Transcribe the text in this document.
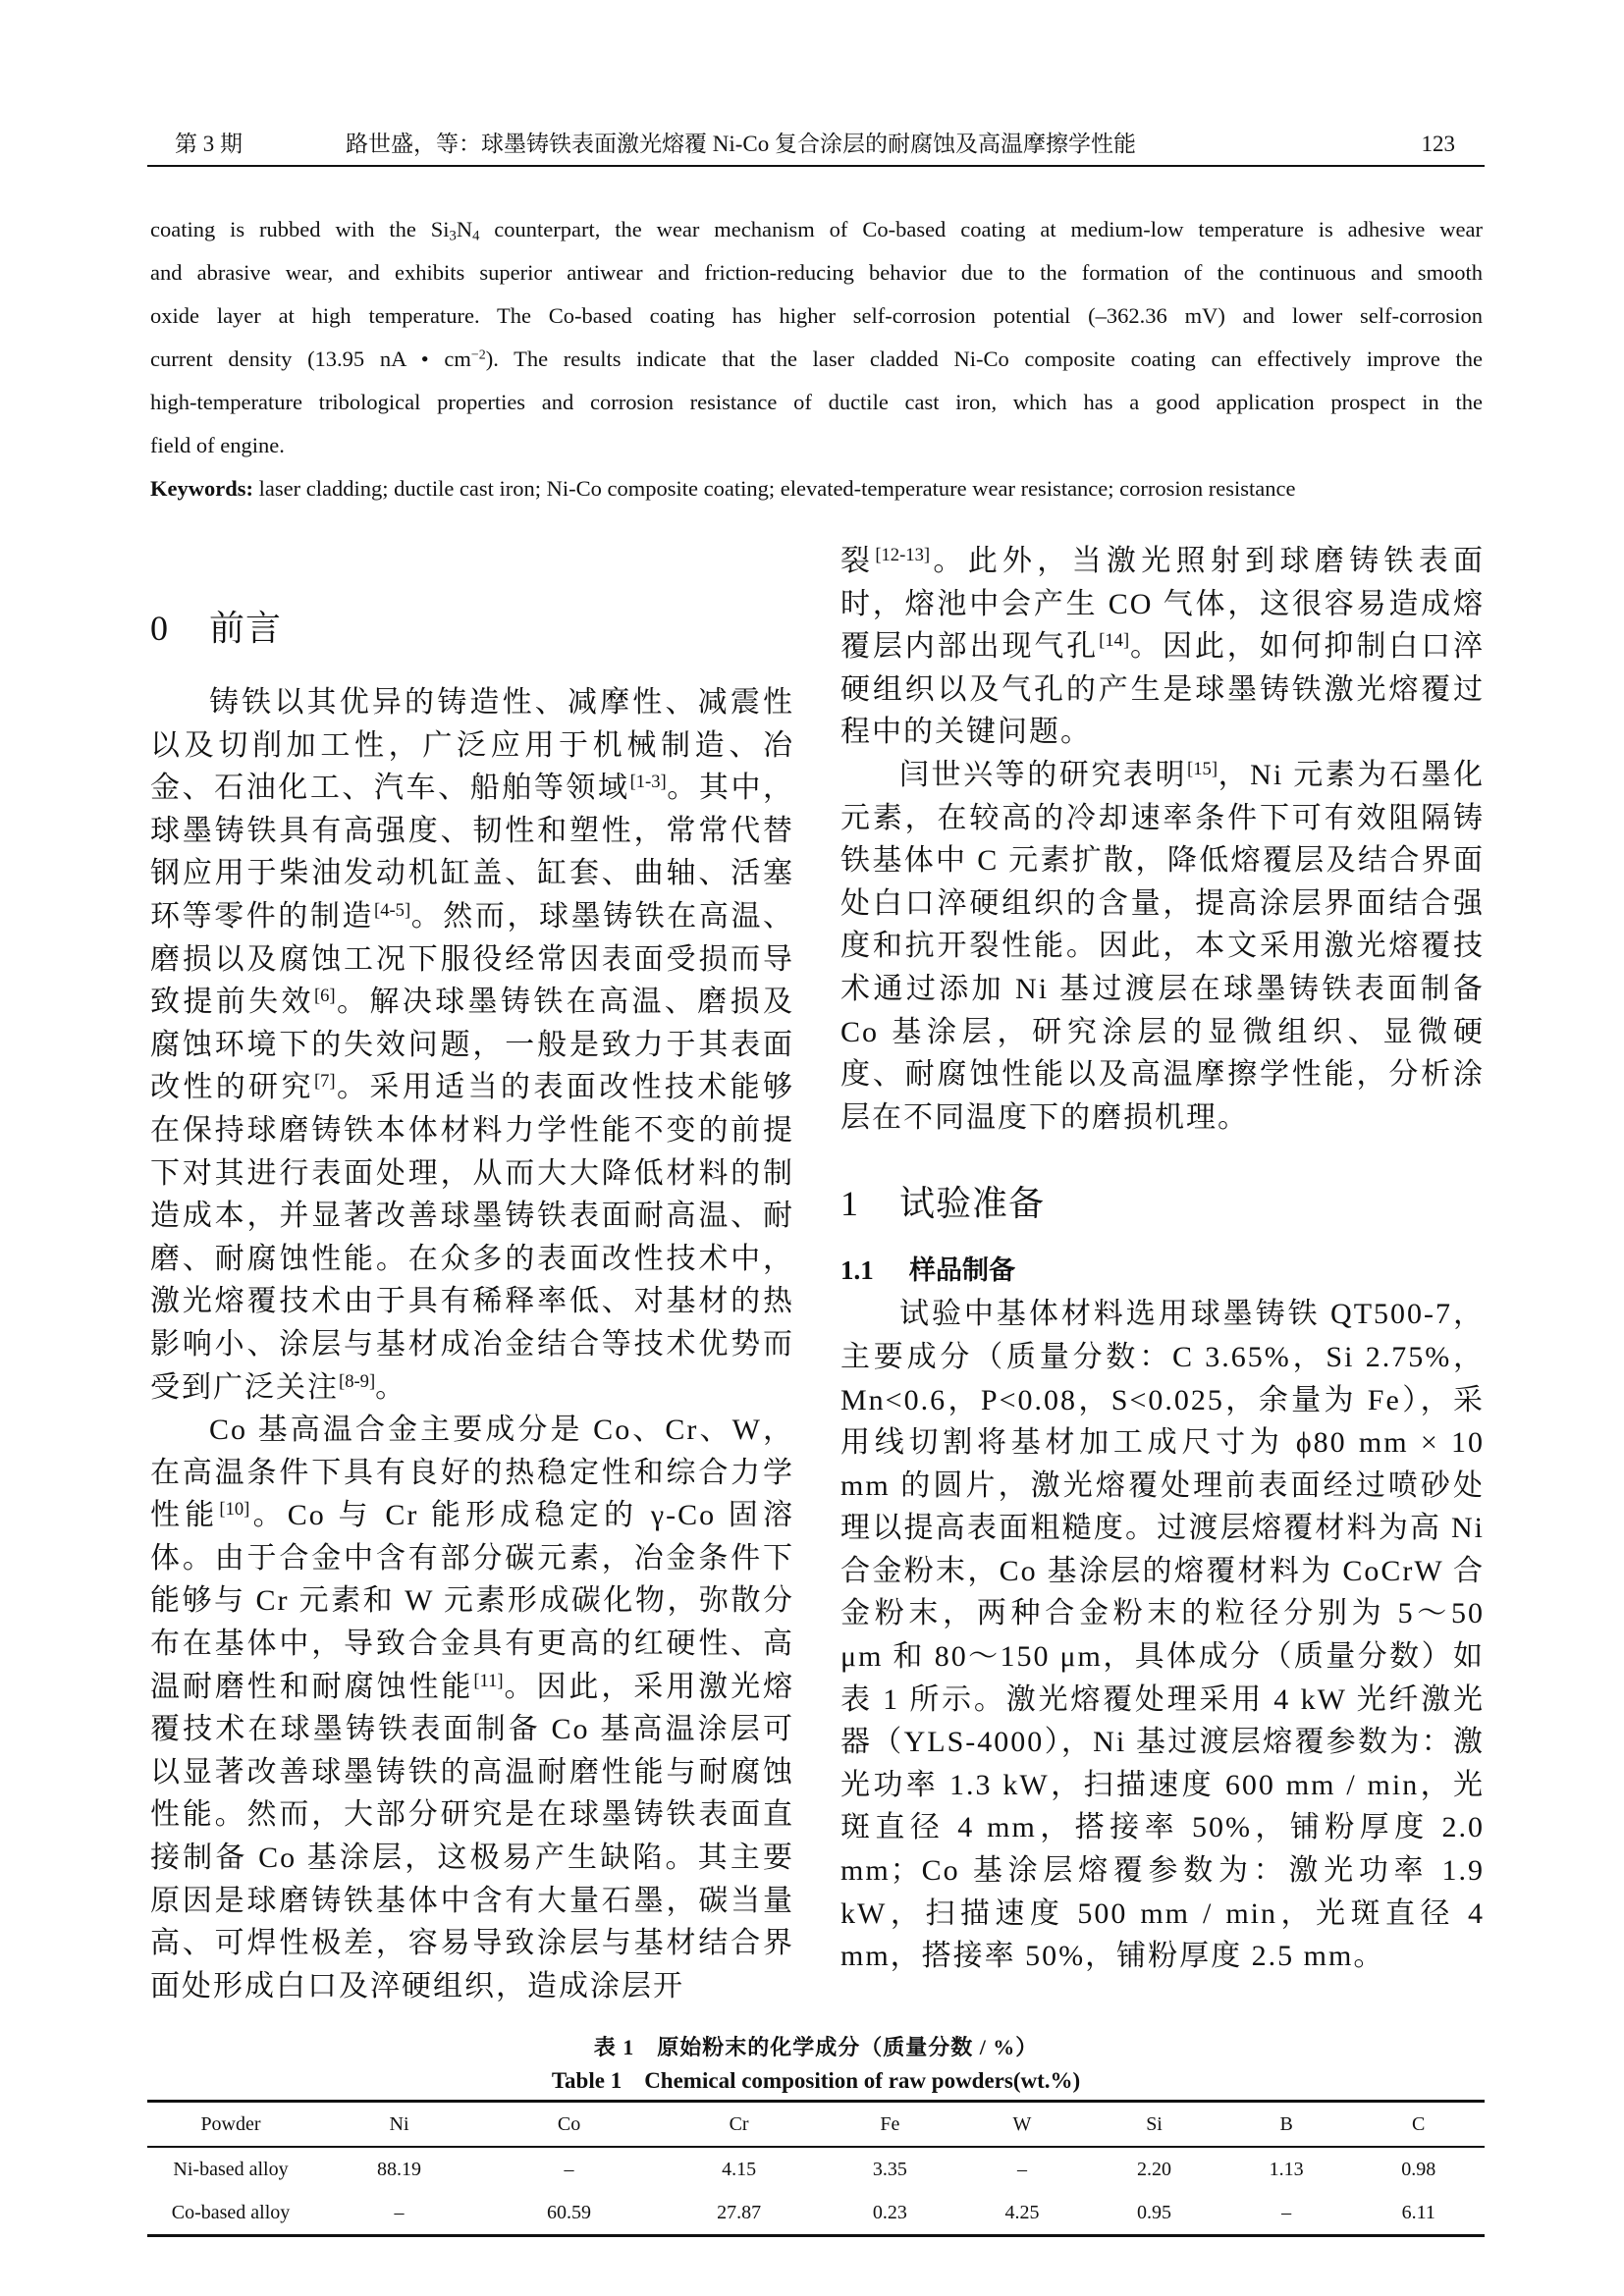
第 3 期	路世盛，等：球墨铸铁表面激光熔覆 Ni-Co 复合涂层的耐腐蚀及高温摩擦学性能	123
coating is rubbed with the $Si_3N_4$ counterpart, the wear mechanism of Co-based coating at medium-low temperature is adhesive wear
and abrasive wear, and exhibits superior antiwear and friction-reducing behavior due to the formation of the continuous and smooth
oxide layer at high temperature. The Co-based coating has higher self-corrosion potential (–362.36 mV) and lower self-corrosion
current density (13.95 nA • $cm^{-2}$). The results indicate that the laser cladded Ni-Co composite coating can effectively improve the
high-temperature tribological properties and corrosion resistance of ductile cast iron, which has a good application prospect in the
field of engine.
Keywords: laser cladding; ductile cast iron; Ni-Co composite coating; elevated-temperature wear resistance; corrosion resistance
0 前言

铸铁以其优异的铸造性、减摩性、减震性以及切削加工性，广泛应用于机械制造、冶金、石油化工、汽车、船舶等领域[1-3]。其中，球墨铸铁具有高强度、韧性和塑性，常常代替钢应用于柴油发动机缸盖、缸套、曲轴、活塞环等零件的制造[4-5]。然而，球墨铸铁在高温、磨损以及腐蚀工况下服役经常因表面受损而导致提前失效[6]。解决球墨铸铁在高温、磨损及腐蚀环境下的失效问题，一般是致力于其表面改性的研究[7]。采用适当的表面改性技术能够在保持球磨铸铁本体材料力学性能不变的前提下对其进行表面处理，从而大大降低材料的制造成本，并显著改善球墨铸铁表面耐高温、耐磨、耐腐蚀性能。在众多的表面改性技术中，激光熔覆技术由于具有稀释率低、对基材的热影响小、涂层与基材成冶金结合等技术优势而受到广泛关注[8-9]。

Co 基高温合金主要成分是 Co、Cr、W，在高温条件下具有良好的热稳定性和综合力学性能[10]。Co 与 Cr 能形成稳定的 γ-Co 固溶体。由于合金中含有部分碳元素，冶金条件下能够与 Cr 元素和 W 元素形成碳化物，弥散分布在基体中，导致合金具有更高的红硬性、高温耐磨性和耐腐蚀性能[11]。因此，采用激光熔覆技术在球墨铸铁表面制备 Co 基高温涂层可以显著改善球墨铸铁的高温耐磨性能与耐腐蚀性能。然而，大部分研究是在球墨铸铁表面直接制备 Co 基涂层，这极易产生缺陷。其主要原因是球磨铸铁基体中含有大量石墨，碳当量高、可焊性极差，容易导致涂层与基材结合界面处形成白口及淬硬组织，造成涂层开

裂[12-13]。此外，当激光照射到球磨铸铁表面时，熔池中会产生 CO 气体，这很容易造成熔覆层内部出现气孔[14]。因此，如何抑制白口淬硬组织以及气孔的产生是球墨铸铁激光熔覆过程中的关键问题。

闫世兴等的研究表明[15]，Ni 元素为石墨化元素，在较高的冷却速率条件下可有效阻隔铸铁基体中 C 元素扩散，降低熔覆层及结合界面处白口淬硬组织的含量，提高涂层界面结合强度和抗开裂性能。因此，本文采用激光熔覆技术通过添加 Ni 基过渡层在球墨铸铁表面制备 Co 基涂层，研究涂层的显微组织、显微硬度、耐腐蚀性能以及高温摩擦学性能，分析涂层在不同温度下的磨损机理。

1 试验准备
1.1 样品制备

试验中基体材料选用球墨铸铁 QT500-7，主要成分（质量分数：C 3.65%，Si 2.75%，Mn<0.6，P<0.08，S<0.025，余量为 Fe），采用线切割将基材加工成尺寸为 ϕ80 mm × 10 mm 的圆片，激光熔覆处理前表面经过喷砂处理以提高表面粗糙度。过渡层熔覆材料为高 Ni 合金粉末，Co 基涂层的熔覆材料为 CoCrW 合金粉末，两种合金粉末的粒径分别为 5～50 μm 和 80～150 μm，具体成分（质量分数）如表 1 所示。激光熔覆处理采用 4 kW 光纤激光器（YLS-4000），Ni 基过渡层熔覆参数为：激光功率 1.3 kW，扫描速度 600 mm / min，光斑直径 4 mm，搭接率 50%，铺粉厚度 2.0 mm；Co 基涂层熔覆参数为：激光功率 1.9 kW，扫描速度 500 mm / min，光斑直径 4 mm，搭接率 50%，铺粉厚度 2.5 mm。

表 1　原始粉末的化学成分（质量分数 / %）
Table 1　Chemical composition of raw powders(wt.%)
Powder	Ni	Co	Cr	Fe	W	Si	B	C
Ni-based alloy	88.19	–	4.15	3.35	–	2.20	1.13	0.98
Co-based alloy	–	60.59	27.87	0.23	4.25	0.95	–	6.11
